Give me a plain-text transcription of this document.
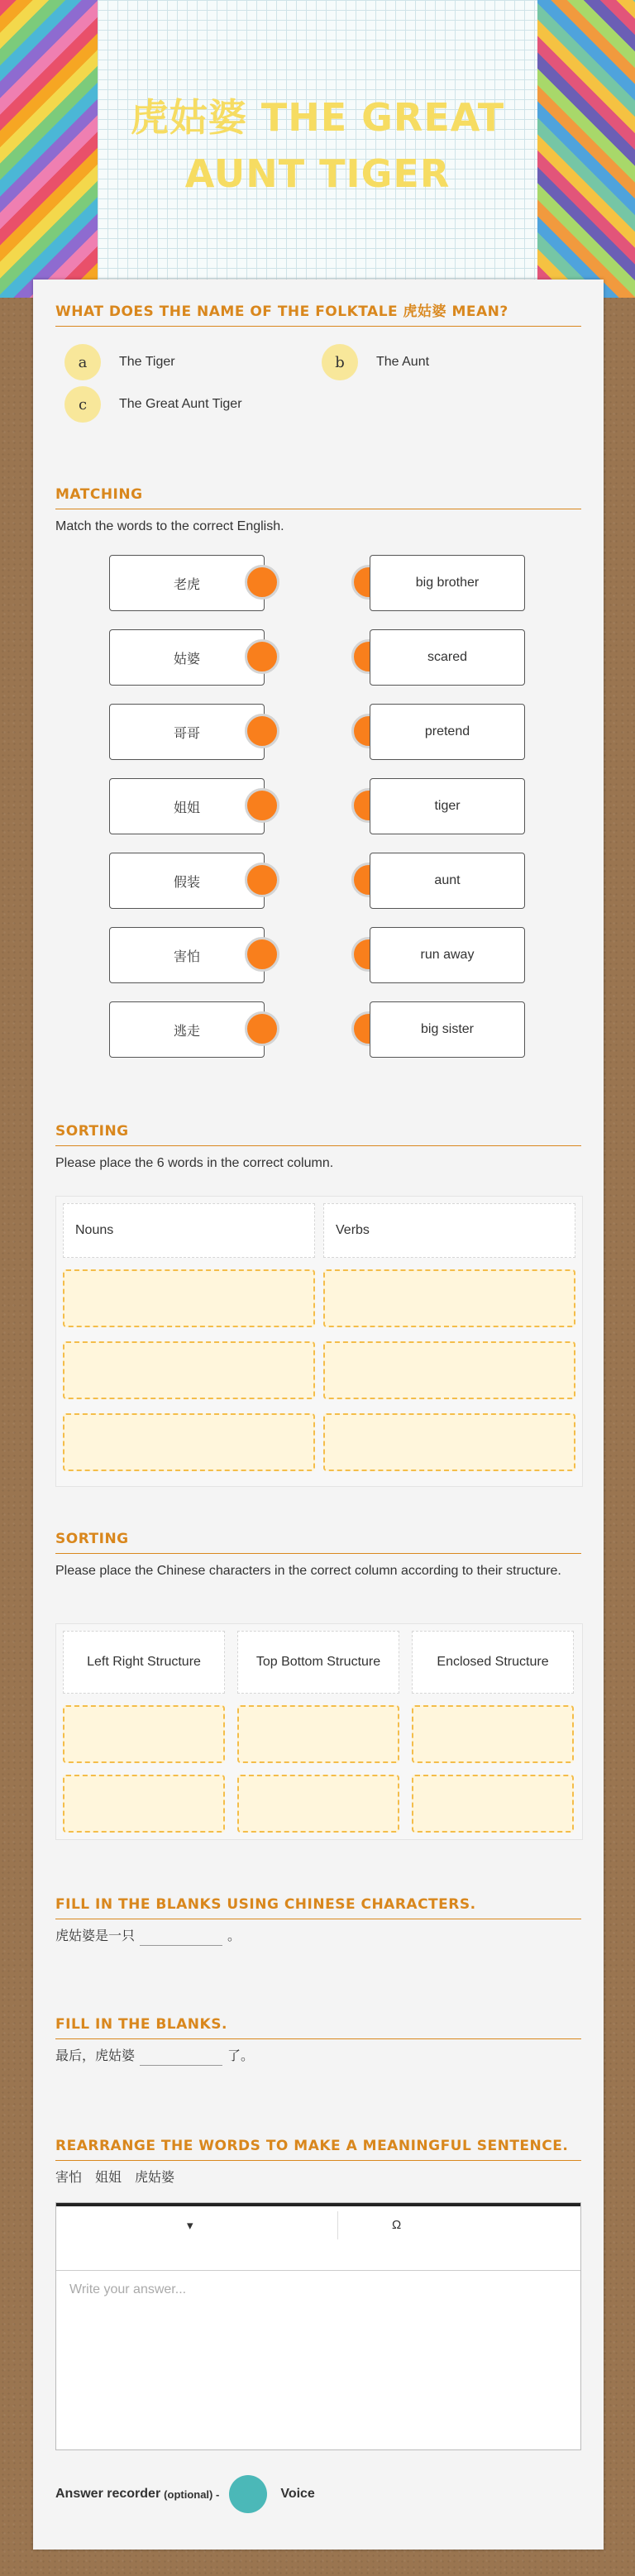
虎姑婆 THE GREAT AUNT TIGER
WHAT DOES THE NAME OF THE FOLKTALE 虎姑婆 MEAN?
a	The Tiger	b	The Aunt
c	The Great Aunt Tiger
MATCHING

Match the words to the correct English.

老虎	big brother
姑婆	scared
哥哥	pretend
姐姐	tiger
假装	aunt
害怕	run away
逃走	big sister
SORTING

Please place the 6 words in the correct column.

Nouns	Verbs
SORTING

Please place the Chinese characters in the correct column according to their structure.

Left Right Structure	Top Bottom Structure	Enclosed Structure
FILL IN THE BLANKS USING CHINESE CHARACTERS.

虎姑婆是一只	。

FILL IN THE BLANKS.

最后，虎姑婆	了。

REARRANGE THE WORDS TO MAKE A MEANINGFUL SENTENCE.

害怕　姐姐　虎姑婆

▾	Ω
Write your answer...
Answer recorder (optional) -	Voice
